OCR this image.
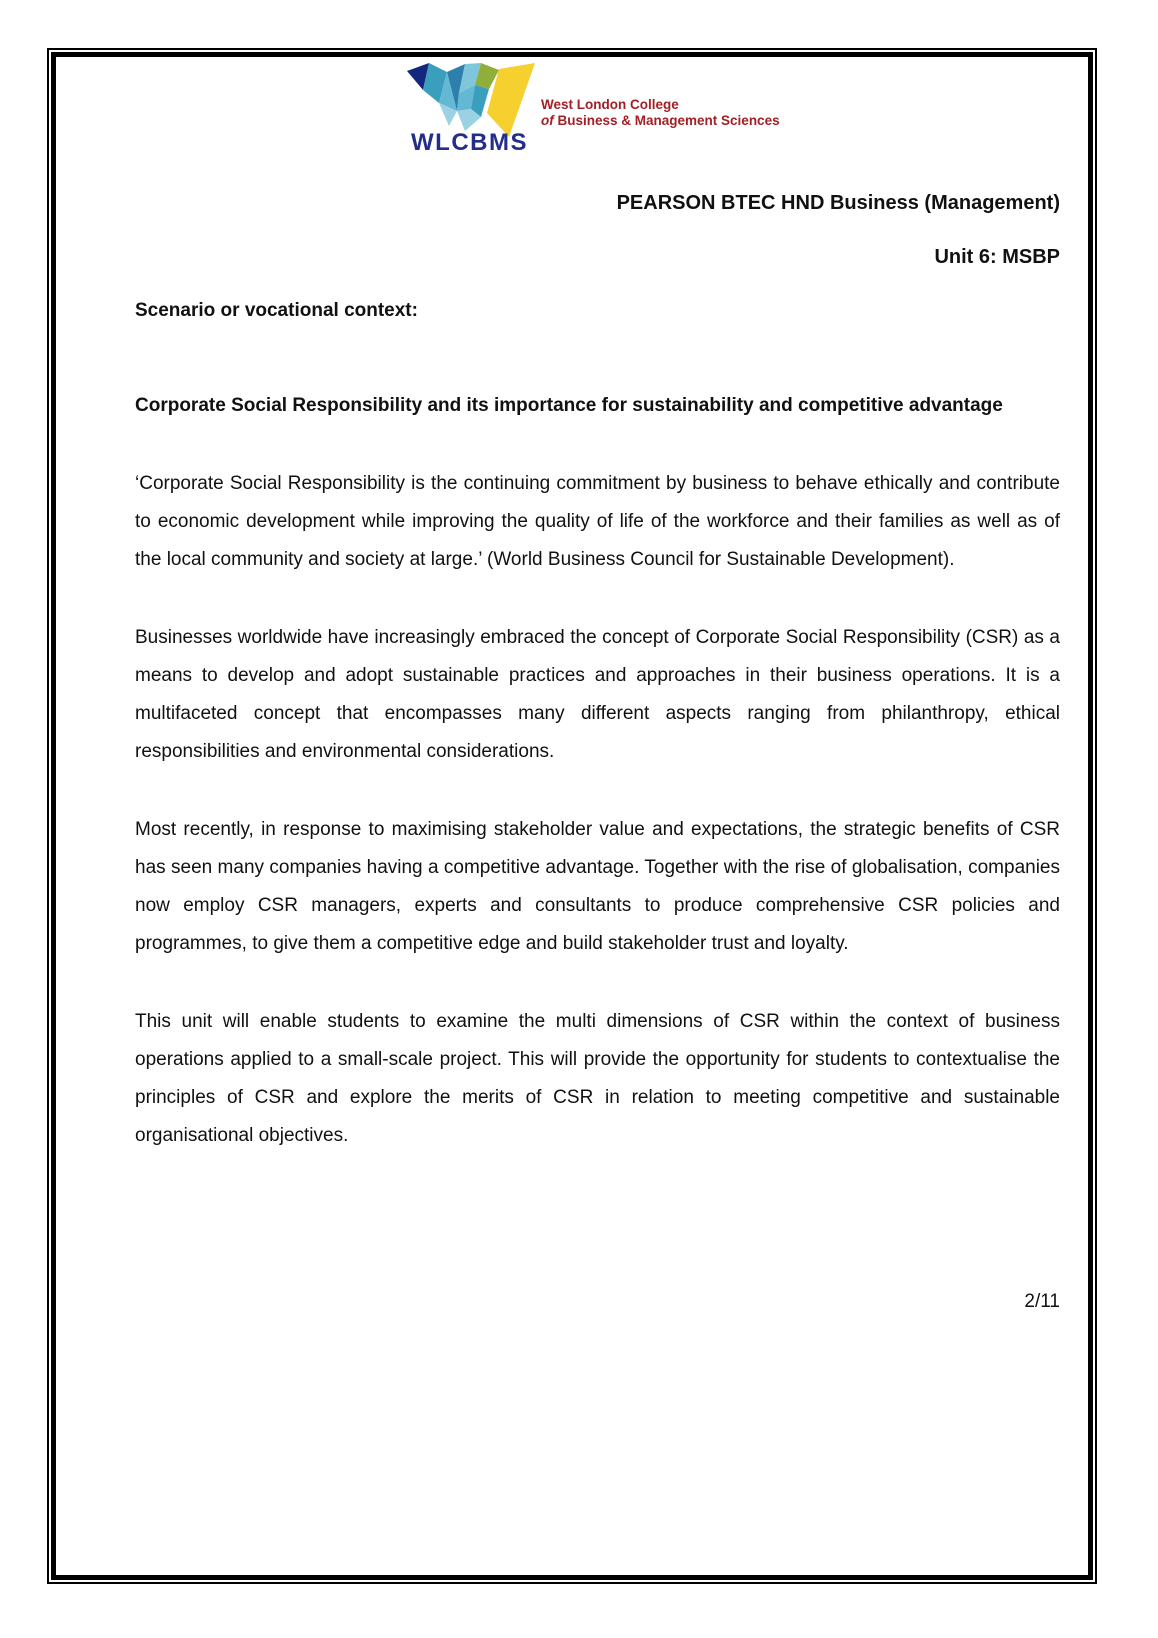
West London College
of Business & Management Sciences
WLCBMS

PEARSON BTEC HND Business (Management)

Unit 6: MSBP

Scenario or vocational context:

Corporate Social Responsibility and its importance for sustainability and competitive advantage

‘Corporate Social Responsibility is the continuing commitment by business to behave ethically and contribute to economic development while improving the quality of life of the workforce and their families as well as of the local community and society at large.’ (World Business Council for Sustainable Development).

Businesses worldwide have increasingly embraced the concept of Corporate Social Responsibility (CSR) as a means to develop and adopt sustainable practices and approaches in their business operations. It is a multifaceted concept that encompasses many different aspects ranging from philanthropy, ethical responsibilities and environmental considerations.

Most recently, in response to maximising stakeholder value and expectations, the strategic benefits of CSR has seen many companies having a competitive advantage. Together with the rise of globalisation, companies now employ CSR managers, experts and consultants to produce comprehensive CSR policies and programmes, to give them a competitive edge and build stakeholder trust and loyalty.

This unit will enable students to examine the multi dimensions of CSR within the context of business operations applied to a small-scale project. This will provide the opportunity for students to contextualise the principles of CSR and explore the merits of CSR in relation to meeting competitive and sustainable organisational objectives.

2/11
